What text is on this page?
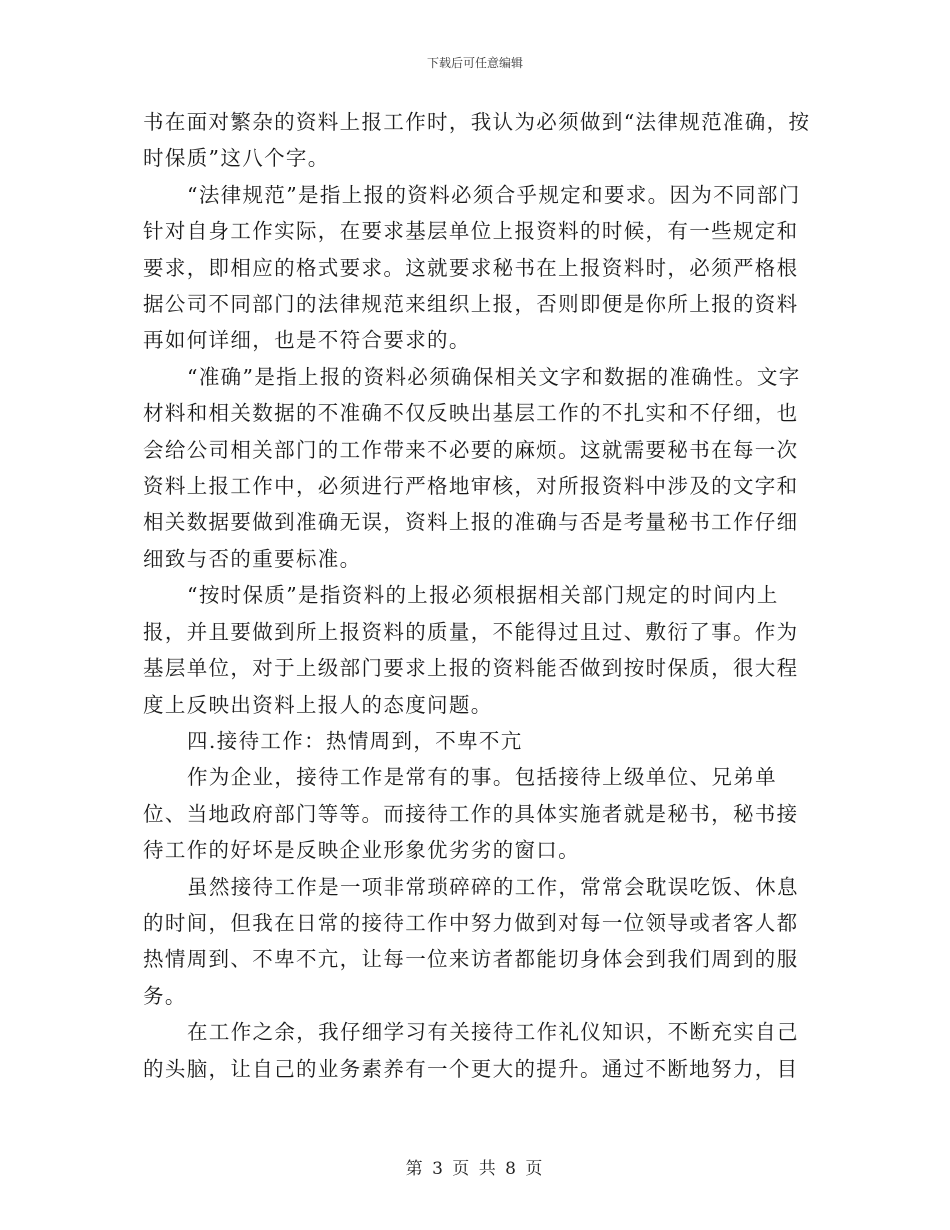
下载后可任意编辑

书在面对繁杂的资料上报工作时，我认为必须做到“法律规范准确，按时保质”这八个字。

“法律规范”是指上报的资料必须合乎规定和要求。因为不同部门针对自身工作实际，在要求基层单位上报资料的时候，有一些规定和要求，即相应的格式要求。这就要求秘书在上报资料时，必须严格根据公司不同部门的法律规范来组织上报，否则即便是你所上报的资料再如何详细，也是不符合要求的。

“准确”是指上报的资料必须确保相关文字和数据的准确性。文字材料和相关数据的不准确不仅反映出基层工作的不扎实和不仔细，也会给公司相关部门的工作带来不必要的麻烦。这就需要秘书在每一次资料上报工作中，必须进行严格地审核，对所报资料中涉及的文字和相关数据要做到准确无误，资料上报的准确与否是考量秘书工作仔细细致与否的重要标准。

“按时保质”是指资料的上报必须根据相关部门规定的时间内上报，并且要做到所上报资料的质量，不能得过且过、敷衍了事。作为基层单位，对于上级部门要求上报的资料能否做到按时保质，很大程度上反映出资料上报人的态度问题。

四.接待工作：热情周到，不卑不亢

作为企业，接待工作是常有的事。包括接待上级单位、兄弟单位、当地政府部门等等。而接待工作的具体实施者就是秘书，秘书接待工作的好坏是反映企业形象优劣劣的窗口。

虽然接待工作是一项非常琐碎碎的工作，常常会耽误吃饭、休息的时间，但我在日常的接待工作中努力做到对每一位领导或者客人都热情周到、不卑不亢，让每一位来访者都能切身体会到我们周到的服务。

在工作之余，我仔细学习有关接待工作礼仪知识，不断充实自己的头脑，让自己的业务素养有一个更大的提升。通过不断地努力，目

第 3 页 共 8 页
